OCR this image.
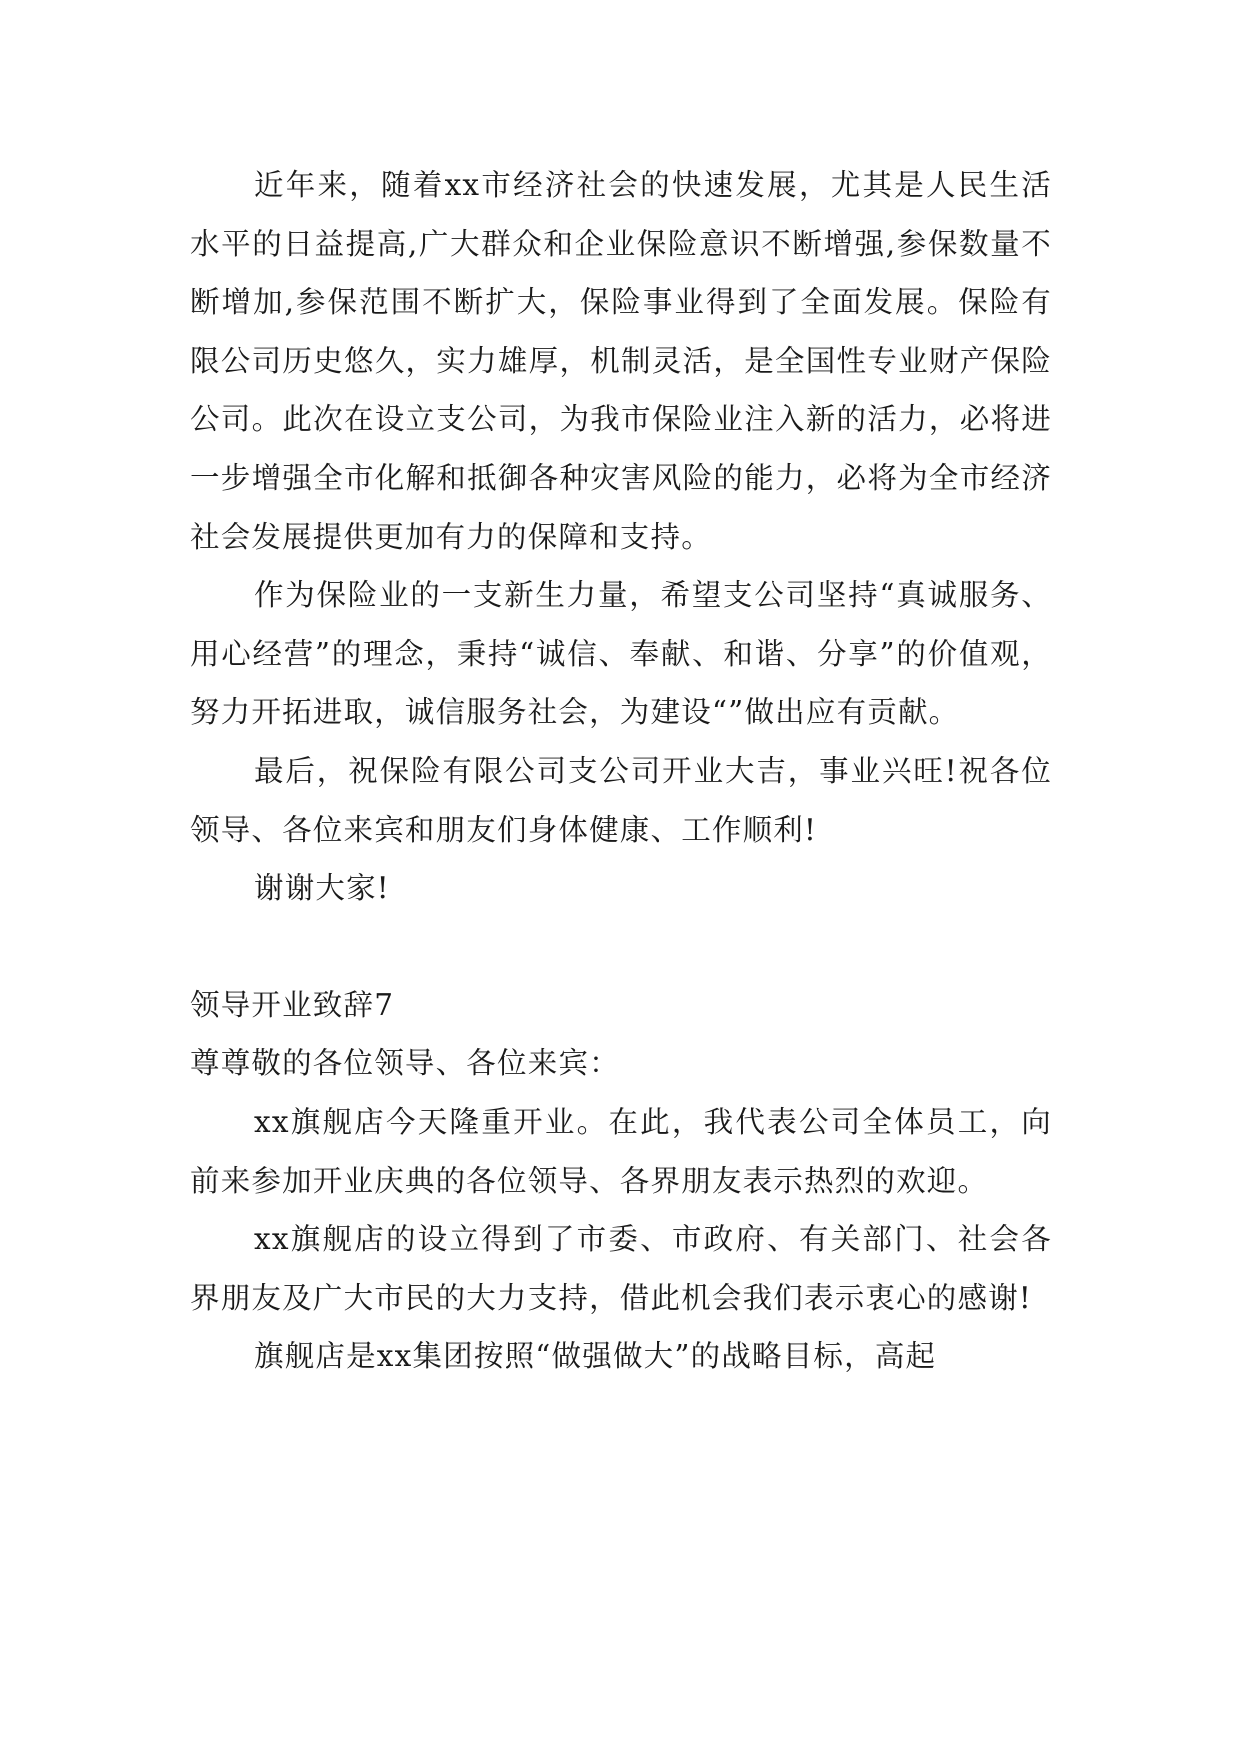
近年来，随着xx市经济社会的快速发展，尤其是人民生活水平的日益提高,广大群众和企业保险意识不断增强,参保数量不断增加,参保范围不断扩大，保险事业得到了全面发展。保险有限公司历史悠久，实力雄厚，机制灵活，是全国性专业财产保险公司。此次在设立支公司，为我市保险业注入新的活力，必将进一步增强全市化解和抵御各种灾害风险的能力，必将为全市经济社会发展提供更加有力的保障和支持。

作为保险业的一支新生力量，希望支公司坚持“真诚服务、用心经营”的理念，秉持“诚信、奉献、和谐、分享”的价值观，努力开拓进取，诚信服务社会，为建设“”做出应有贡献。

最后，祝保险有限公司支公司开业大吉，事业兴旺!祝各位领导、各位来宾和朋友们身体健康、工作顺利!

谢谢大家!

领导开业致辞7

尊尊敬的各位领导、各位来宾：

xx旗舰店今天隆重开业。在此，我代表公司全体员工，向前来参加开业庆典的各位领导、各界朋友表示热烈的欢迎。

xx旗舰店的设立得到了市委、市政府、有关部门、社会各界朋友及广大市民的大力支持，借此机会我们表示衷心的感谢!

旗舰店是xx集团按照“做强做大”的战略目标，高起
